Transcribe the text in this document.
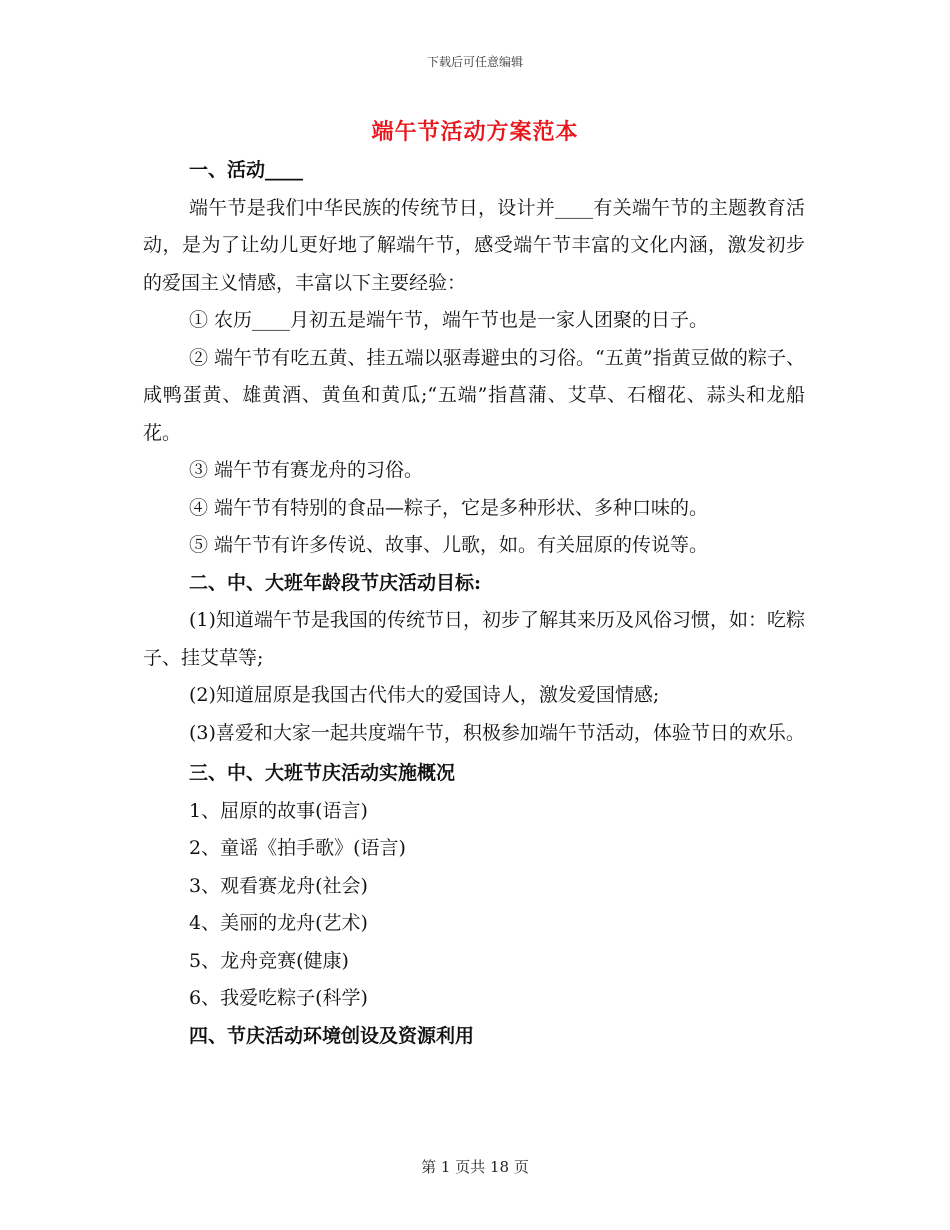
下载后可任意编辑
端午节活动方案范本

一、活动____

端午节是我们中华民族的传统节日，设计并____有关端午节的主题教育活动，是为了让幼儿更好地了解端午节，感受端午节丰富的文化内涵，激发初步的爱国主义情感，丰富以下主要经验：

① 农历____月初五是端午节，端午节也是一家人团聚的日子。

② 端午节有吃五黄、挂五端以驱毒避虫的习俗。“五黄”指黄豆做的粽子、咸鸭蛋黄、雄黄酒、黄鱼和黄瓜;“五端”指菖蒲、艾草、石榴花、蒜头和龙船花。

③ 端午节有赛龙舟的习俗。

④ 端午节有特别的食品—粽子，它是多种形状、多种口味的。

⑤ 端午节有许多传说、故事、儿歌，如。有关屈原的传说等。

二、中、大班年龄段节庆活动目标:

(1)知道端午节是我国的传统节日，初步了解其来历及风俗习惯，如：吃粽子、挂艾草等;

(2)知道屈原是我国古代伟大的爱国诗人，激发爱国情感;

(3)喜爱和大家一起共度端午节，积极参加端午节活动，体验节日的欢乐。

三、中、大班节庆活动实施概况

1、屈原的故事(语言)

2、童谣《拍手歌》(语言)

3、观看赛龙舟(社会)

4、美丽的龙舟(艺术)

5、龙舟竞赛(健康)

6、我爱吃粽子(科学)

四、节庆活动环境创设及资源利用

第 1 页共 18 页
